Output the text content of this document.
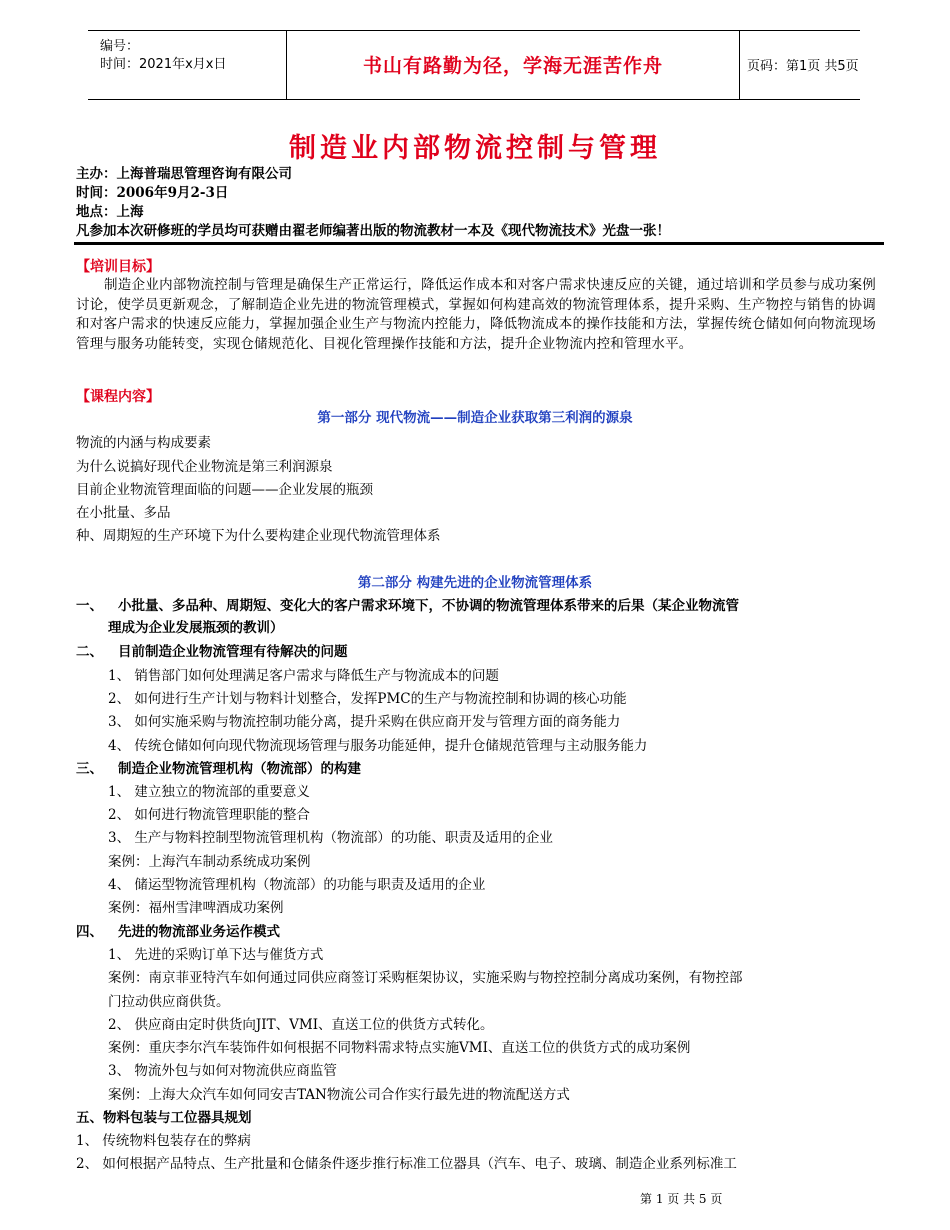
编号：
时间：2021年x月x日	书山有路勤为径，学海无涯苦作舟	页码：第1页 共5页
制造业内部物流控制与管理
主办：上海普瑞思管理咨询有限公司
时间：2006年9月2-3日
地点：上海
凡参加本次研修班的学员均可获赠由翟老师编著出版的物流教材一本及《现代物流技术》光盘一张！
【培训目标】
制造企业内部物流控制与管理是确保生产正常运行，降低运作成本和对客户需求快速反应的关键，通过培训和学员参与成功案例讨论，使学员更新观念，了解制造企业先进的物流管理模式，掌握如何构建高效的物流管理体系，提升采购、生产物控与销售的协调和对客户需求的快速反应能力，掌握加强企业生产与物流内控能力，降低物流成本的操作技能和方法，掌握传统仓储如何向物流现场管理与服务功能转变，实现仓储规范化、目视化管理操作技能和方法，提升企业物流内控和管理水平。
【课程内容】
第一部分 现代物流——制造企业获取第三利润的源泉
物流的内涵与构成要素
为什么说搞好现代企业物流是第三利润源泉
目前企业物流管理面临的问题——企业发展的瓶颈
在小批量、多品
种、周期短的生产环境下为什么要构建企业现代物流管理体系
第二部分 构建先进的企业物流管理体系
一、 小批量、多品种、周期短、变化大的客户需求环境下，不协调的物流管理体系带来的后果（某企业物流管
理成为企业发展瓶颈的教训）
二、 目前制造企业物流管理有待解决的问题
1、 销售部门如何处理满足客户需求与降低生产与物流成本的问题
2、 如何进行生产计划与物料计划整合，发挥PMC的生产与物流控制和协调的核心功能
3、 如何实施采购与物流控制功能分离，提升采购在供应商开发与管理方面的商务能力
4、 传统仓储如何向现代物流现场管理与服务功能延伸，提升仓储规范管理与主动服务能力
三、 制造企业物流管理机构（物流部）的构建
1、 建立独立的物流部的重要意义
2、 如何进行物流管理职能的整合
3、 生产与物料控制型物流管理机构（物流部）的功能、职责及适用的企业
案例：上海汽车制动系统成功案例
4、 储运型物流管理机构（物流部）的功能与职责及适用的企业
案例：福州雪津啤酒成功案例
四、 先进的物流部业务运作模式
1、 先进的采购订单下达与催货方式
案例：南京菲亚特汽车如何通过同供应商签订采购框架协议，实施采购与物控控制分离成功案例，有物控部
门拉动供应商供货。
2、 供应商由定时供货向JIT、VMI、直送工位的供货方式转化。
案例：重庆李尔汽车装饰件如何根据不同物料需求特点实施VMI、直送工位的供货方式的成功案例
3、 物流外包与如何对物流供应商监管
案例：上海大众汽车如何同安吉TAN物流公司合作实行最先进的物流配送方式
五、物料包装与工位器具规划
1、 传统物料包装存在的弊病
2、 如何根据产品特点、生产批量和仓储条件逐步推行标准工位器具（汽车、电子、玻璃、制造企业系列标准工
第 1 页 共 5 页
